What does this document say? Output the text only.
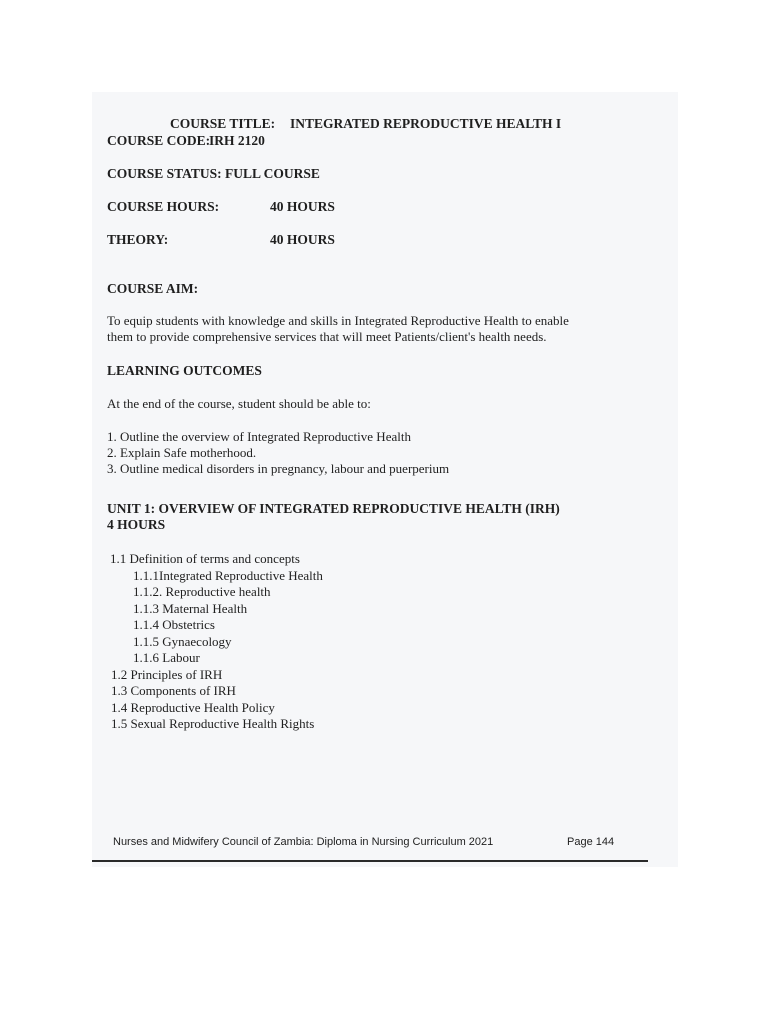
COURSE TITLE: INTEGRATED REPRODUCTIVE HEALTH I
COURSE CODE:
IRH 2120
COURSE STATUS: FULL COURSE
COURSE HOURS:	40 HOURS
THEORY:	40 HOURS
COURSE AIM:
To equip students with knowledge and skills in Integrated Reproductive Health to enable
them to provide comprehensive services that will meet Patients/client's health needs.
LEARNING OUTCOMES
At the end of the course, student should be able to:
1. Outline the overview of Integrated Reproductive Health
2. Explain Safe motherhood.
3. Outline medical disorders in pregnancy, labour and puerperium
UNIT 1: OVERVIEW OF INTEGRATED REPRODUCTIVE HEALTH (IRH)
4 HOURS
1.1 Definition of terms and concepts
1.1.1Integrated Reproductive Health
1.1.2. Reproductive health
1.1.3 Maternal Health
1.1.4 Obstetrics
1.1.5 Gynaecology
1.1.6 Labour
1.2 Principles of IRH
1.3 Components of IRH
1.4 Reproductive Health Policy
1.5 Sexual Reproductive Health Rights
Nurses and Midwifery Council of Zambia: Diploma in Nursing Curriculum 2021	Page 144
